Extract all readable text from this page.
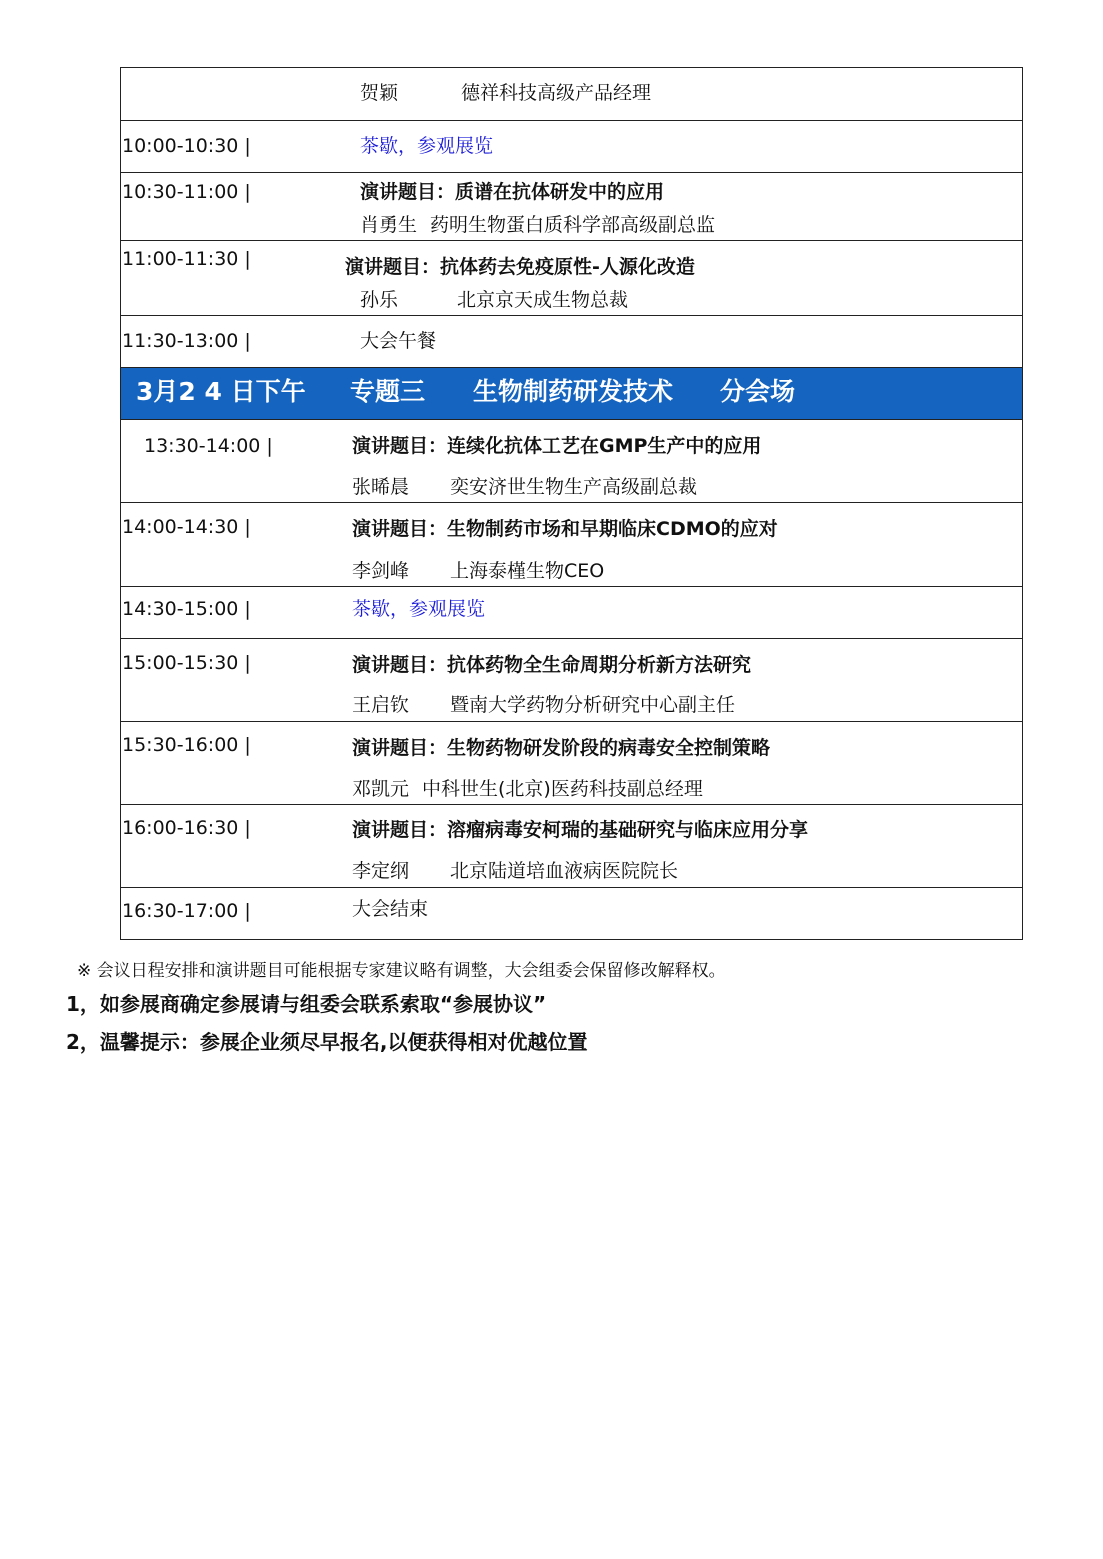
贺颖	德祥科技高级产品经理
10:00-10:30 |	茶歇，参观展览
10:30-11:00 |	演讲题目：质谱在抗体研发中的应用
肖勇生 药明生物蛋白质科学部高级副总监
11:00-11:30 |	演讲题目：抗体药去免疫原性-人源化改造
孙乐	北京京天成生物总裁
11:30-13:00 |	大会午餐
3月2 4 日下午 专题三 生物制药研发技术 分会场
13:30-14:00 |	演讲题目：连续化抗体工艺在GMP生产中的应用
张晞晨 奕安济世生物生产高级副总裁
14:00-14:30 |	演讲题目：生物制药市场和早期临床CDMO的应对
李剑峰 上海泰槿生物CEO
14:30-15:00 |	茶歇，参观展览
15:00-15:30 |	演讲题目：抗体药物全生命周期分析新方法研究
王启钦 暨南大学药物分析研究中心副主任
15:30-16:00 |	演讲题目：生物药物研发阶段的病毒安全控制策略
邓凯元 中科世生(北京)医药科技副总经理
16:00-16:30 |	演讲题目：溶瘤病毒安柯瑞的基础研究与临床应用分享
李定纲 北京陆道培血液病医院院长
16:30-17:00 |	大会结束
※ 会议日程安排和演讲题目可能根据专家建议略有调整，大会组委会保留修改解释权。
1，如参展商确定参展请与组委会联系索取“参展协议”
2，温馨提示：参展企业须尽早报名,以便获得相对优越位置
